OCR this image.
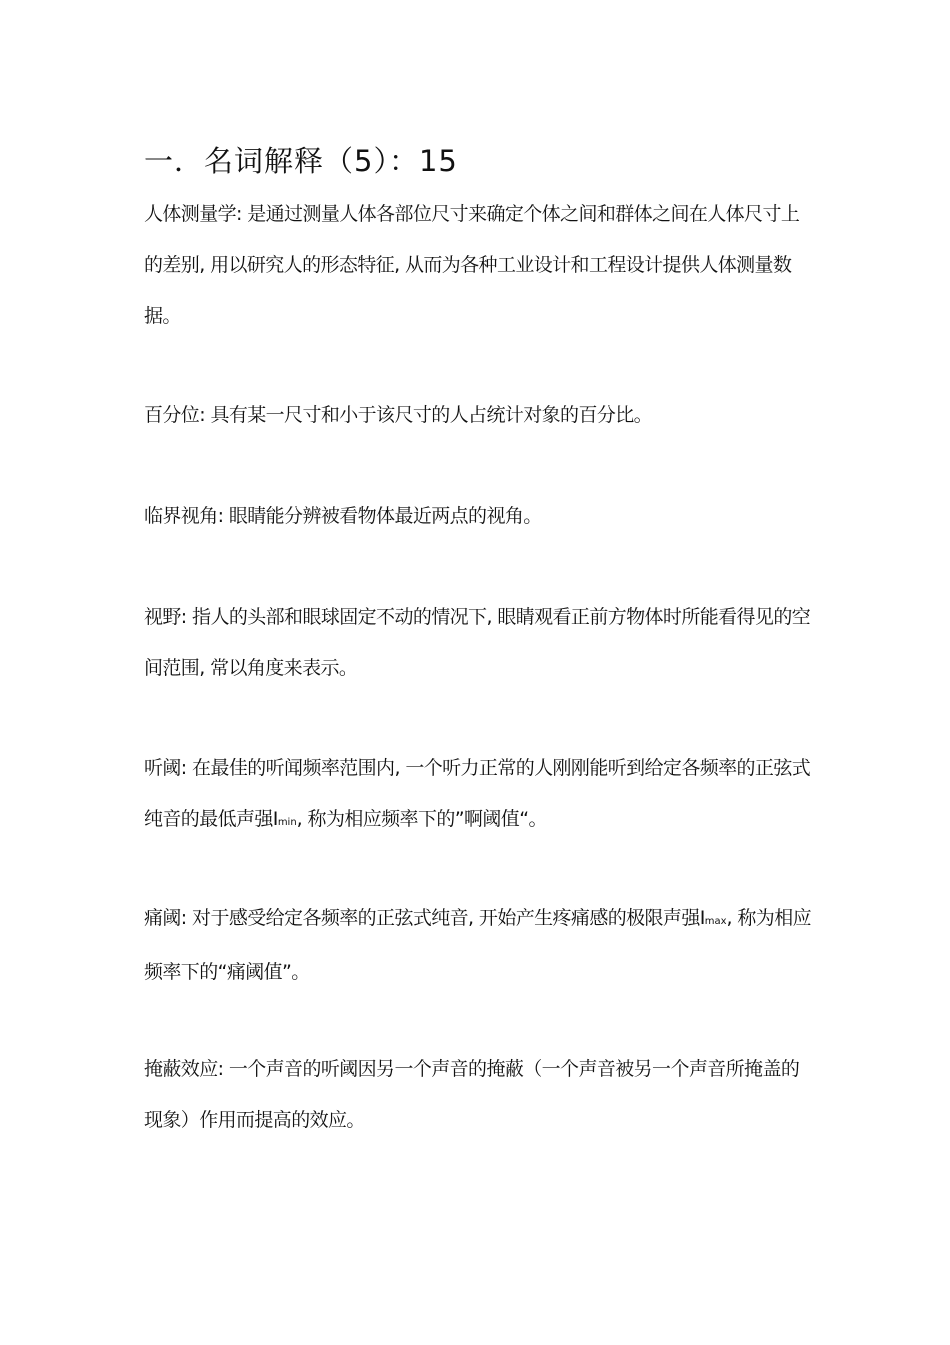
一．名词解释（5）：15
人体测量学: 是通过测量人体各部位尺寸来确定个体之间和群体之间在人体尺寸上的差别, 用以研究人的形态特征, 从而为各种工业设计和工程设计提供人体测量数据。
百分位: 具有某一尺寸和小于该尺寸的人占统计对象的百分比。
临界视角: 眼睛能分辨被看物体最近两点的视角。
视野: 指人的头部和眼球固定不动的情况下, 眼睛观看正前方物体时所能看得见的空间范围, 常以角度来表示。
听阈: 在最佳的听闻频率范围内, 一个听力正常的人刚刚能听到给定各频率的正弦式纯音的最低声强Imin, 称为相应频率下的”啊阈值“。
痛阈: 对于感受给定各频率的正弦式纯音, 开始产生疼痛感的极限声强Imax, 称为相应频率下的“痛阈值”。
掩蔽效应: 一个声音的听阈因另一个声音的掩蔽（一个声音被另一个声音所掩盖的现象）作用而提高的效应。
